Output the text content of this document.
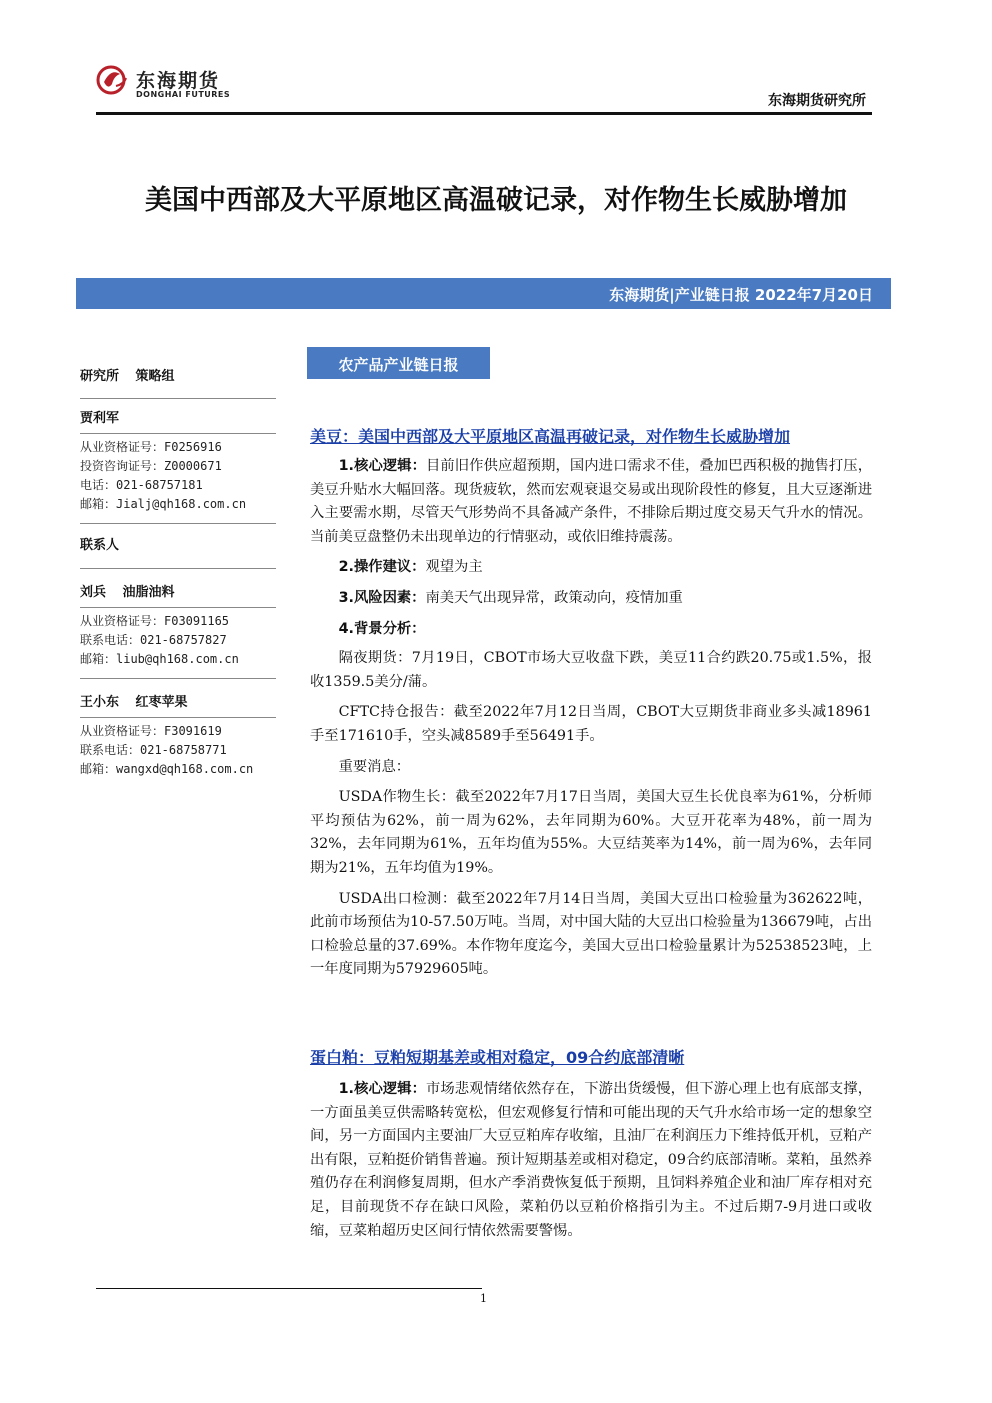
东海期货
DONGHAI FUTURES	东海期货研究所
美国中西部及大平原地区高温破记录，对作物生长威胁增加
东海期货|产业链日报 2022年7月20日
研究所 策略组
贾利军
从业资格证号：F0256916
投资咨询证号：Z0000671
电话：021-68757181
邮箱：Jialj@qh168.com.cn
联系人
刘兵 油脂油料
从业资格证号：F03091165
联系电话：021-68757827
邮箱：liub@qh168.com.cn
王小东 红枣苹果
从业资格证号：F3091619
联系电话：021-68758771
邮箱：wangxd@qh168.com.cn
农产品产业链日报
美豆：美国中西部及大平原地区高温再破记录，对作物生长威胁增加
1.核心逻辑：目前旧作供应超预期，国内进口需求不佳，叠加巴西积极的抛售打压，美豆升贴水大幅回落。现货疲软，然而宏观衰退交易或出现阶段性的修复，且大豆逐渐进入主要需水期，尽管天气形势尚不具备减产条件，不排除后期过度交易天气升水的情况。当前美豆盘整仍未出现单边的行情驱动，或依旧维持震荡。
2.操作建议：观望为主
3.风险因素：南美天气出现异常，政策动向，疫情加重
4.背景分析：
隔夜期货：7月19日，CBOT市场大豆收盘下跌，美豆11合约跌20.75或1.5%，报收1359.5美分/蒲。
CFTC持仓报告：截至2022年7月12日当周，CBOT大豆期货非商业多头减18961手至171610手，空头减8589手至56491手。
重要消息：
USDA作物生长：截至2022年7月17日当周，美国大豆生长优良率为61%，分析师平均预估为62%，前一周为62%，去年同期为60%。大豆开花率为48%，前一周为32%，去年同期为61%，五年均值为55%。大豆结荚率为14%，前一周为6%，去年同期为21%，五年均值为19%。
USDA出口检测：截至2022年7月14日当周，美国大豆出口检验量为362622吨，此前市场预估为10-57.50万吨。当周，对中国大陆的大豆出口检验量为136679吨，占出口检验总量的37.69%。本作物年度迄今，美国大豆出口检验量累计为52538523吨，上一年度同期为57929605吨。
蛋白粕：豆粕短期基差或相对稳定，09合约底部清晰
1.核心逻辑：市场悲观情绪依然存在，下游出货缓慢，但下游心理上也有底部支撑，一方面虽美豆供需略转宽松，但宏观修复行情和可能出现的天气升水给市场一定的想象空间，另一方面国内主要油厂大豆豆粕库存收缩，且油厂在利润压力下维持低开机，豆粕产出有限，豆粕挺价销售普遍。预计短期基差或相对稳定，09合约底部清晰。菜粕，虽然养殖仍存在利润修复周期，但水产季消费恢复低于预期，且饲料养殖企业和油厂库存相对充足，目前现货不存在缺口风险，菜粕仍以豆粕价格指引为主。不过后期7-9月进口或收缩，豆菜粕超历史区间行情依然需要警惕。
1
